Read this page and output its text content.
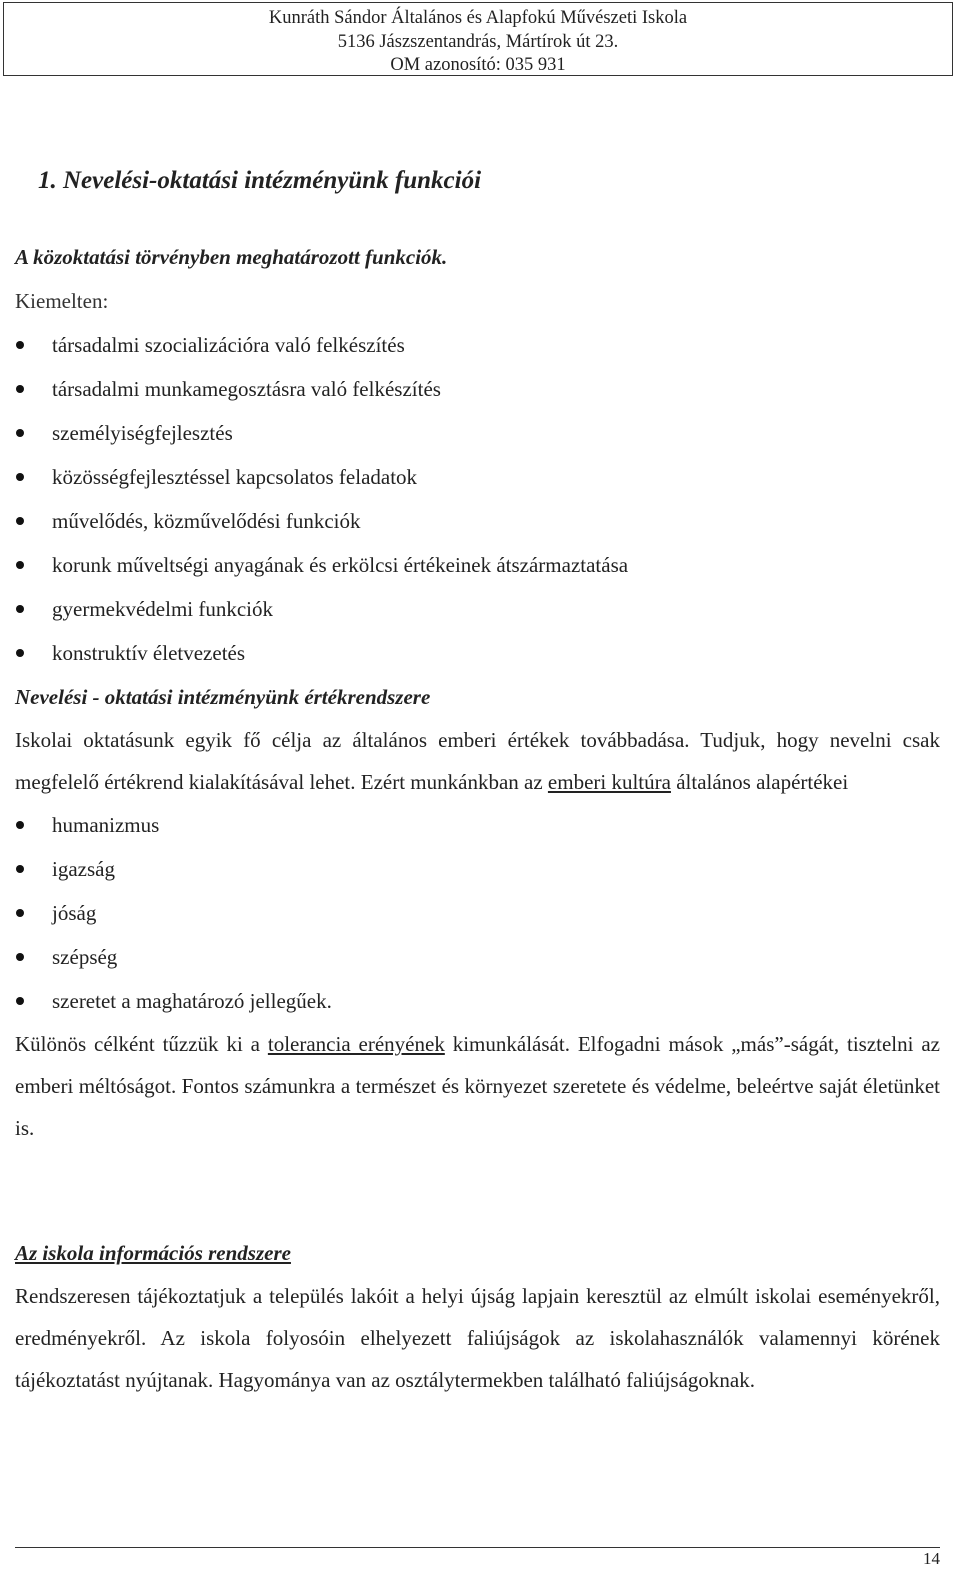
Kunráth Sándor Általános és Alapfokú Művészeti Iskola
5136 Jászszentandrás, Mártírok út 23.
OM azonosító: 035 931
1. Nevelési-oktatási intézményünk funkciói
A közoktatási törvényben meghatározott funkciók.
Kiemelten:
társadalmi szocializációra való felkészítés
társadalmi munkamegosztásra való felkészítés
személyiségfejlesztés
közösségfejlesztéssel kapcsolatos feladatok
művelődés, közművelődési funkciók
korunk műveltségi anyagának és erkölcsi értékeinek átszármaztatása
gyermekvédelmi funkciók
konstruktív életvezetés
Nevelési - oktatási intézményünk értékrendszere
Iskolai oktatásunk egyik fő célja az általános emberi értékek továbbadása. Tudjuk, hogy nevelni csak megfelelő értékrend kialakításával lehet. Ezért munkánkban az emberi kultúra általános alapértékei
humanizmus
igazság
jóság
szépség
szeretet a maghatározó jellegűek.
Különös célként tűzzük ki a tolerancia erényének kimunkálását. Elfogadni mások „más”-ságát, tisztelni az emberi méltóságot. Fontos számunkra a természet és környezet szeretete és védelme, beleértve saját életünket is.
Az iskola információs rendszere
Rendszeresen tájékoztatjuk a település lakóit a helyi újság lapjain keresztül az elmúlt iskolai eseményekről, eredményekről. Az iskola folyosóin elhelyezett faliújságok az iskolahasználók valamennyi körének tájékoztatást nyújtanak. Hagyománya van az osztálytermekben található faliújságoknak.
14
